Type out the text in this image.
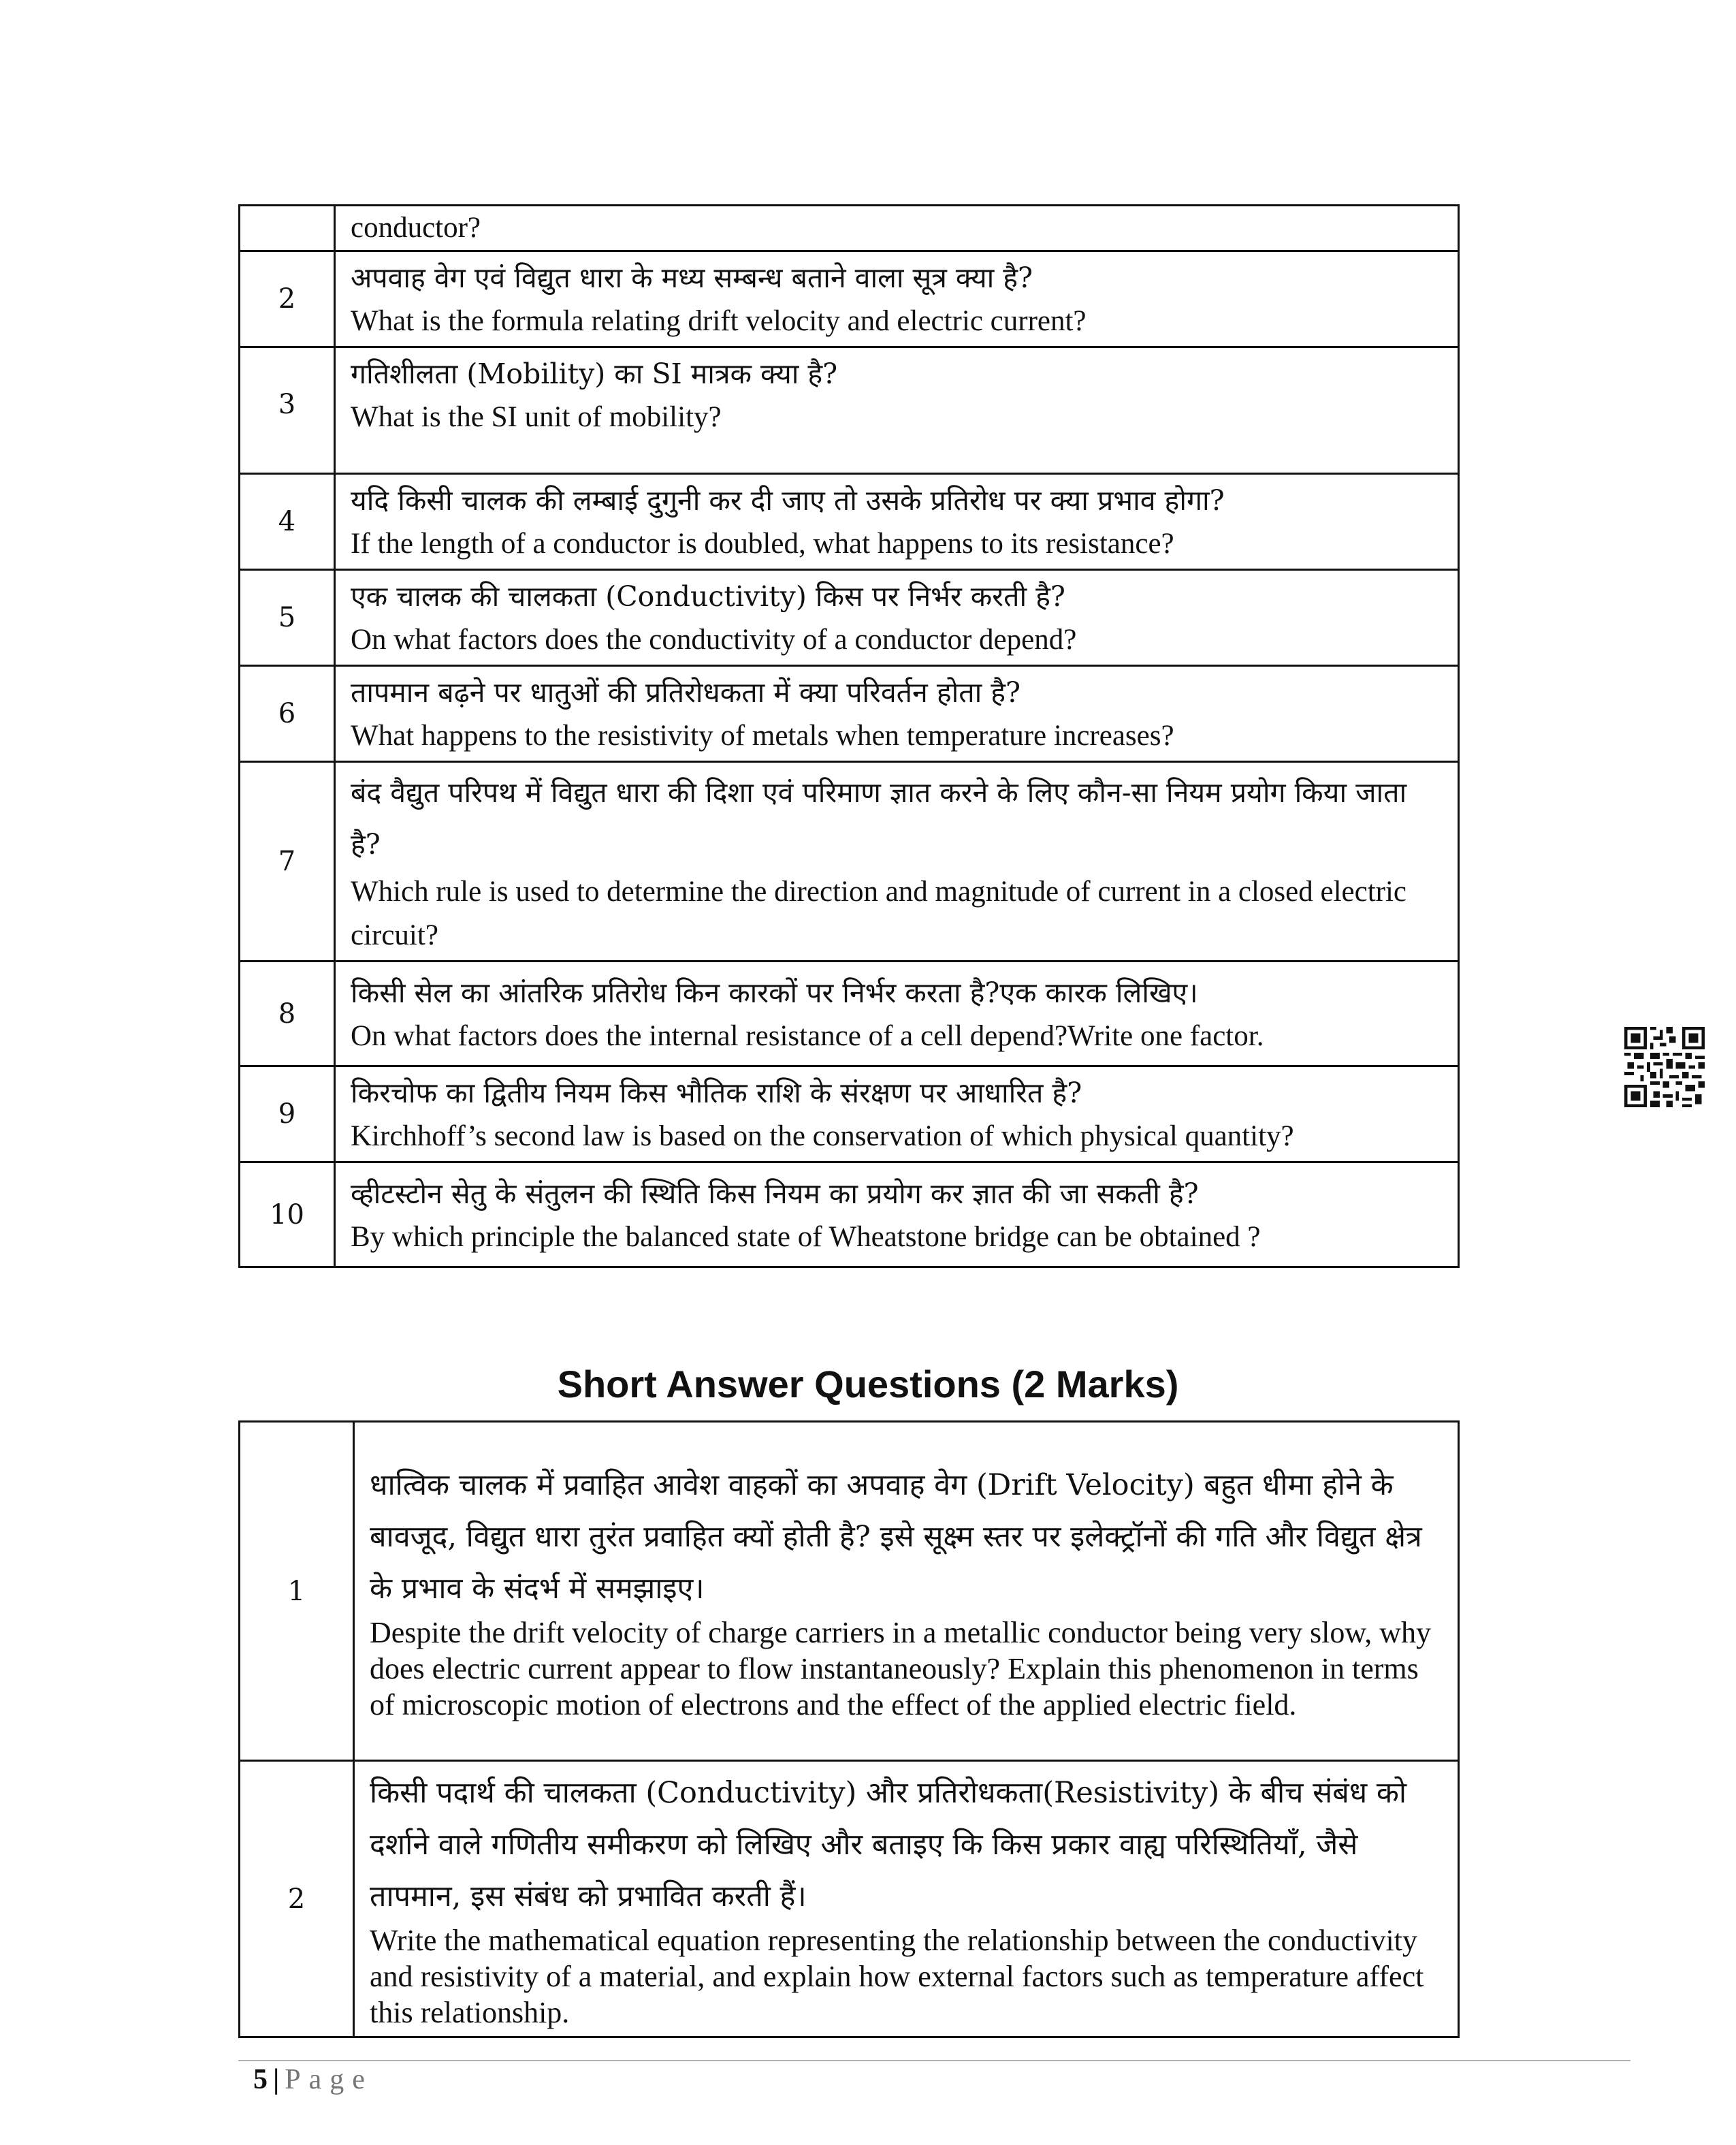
	conductor?

2	अपवाह वेग एवं विद्युत धारा के मध्य सम्बन्ध बताने वाला सूत्र क्या है?
What is the formula relating drift velocity and electric current?

3	गतिशीलता (Mobility) का SI मात्रक क्या है?
What is the SI unit of mobility?

4	यदि किसी चालक की लम्बाई दुगुनी कर दी जाए तो उसके प्रतिरोध पर क्या प्रभाव होगा?
If the length of a conductor is doubled, what happens to its resistance?

5	एक चालक की चालकता (Conductivity) किस पर निर्भर करती है?
On what factors does the conductivity of a conductor depend?

6	तापमान बढ़ने पर धातुओं की प्रतिरोधकता में क्या परिवर्तन होता है?
What happens to the resistivity of metals when temperature increases?

7	बंद वैद्युत परिपथ में विद्युत धारा की दिशा एवं परिमाण ज्ञात करने के लिए कौन-सा नियम प्रयोग किया जाता है?
Which rule is used to determine the direction and magnitude of current in a closed electric circuit?

8	किसी सेल का आंतरिक प्रतिरोध किन कारकों पर निर्भर करता है?एक कारक लिखिए।
On what factors does the internal resistance of a cell depend?Write one factor.

9	किरचोफ का द्वितीय नियम किस भौतिक राशि के संरक्षण पर आधारित है?
Kirchhoff’s second law is based on the conservation of which physical quantity?

10	व्हीटस्टोन सेतु के संतुलन की स्थिति किस नियम का प्रयोग कर ज्ञात की जा सकती है?
By which principle the balanced state of Wheatstone bridge can be obtained ?
Short Answer Questions (2 Marks)
1	धात्विक चालक में प्रवाहित आवेश वाहकों का अपवाह वेग (Drift Velocity) बहुत धीमा होने के बावजूद, विद्युत धारा तुरंत प्रवाहित क्यों होती है? इसे सूक्ष्म स्तर पर इलेक्ट्रॉनों की गति और विद्युत क्षेत्र के प्रभाव के संदर्भ में समझाइए।
Despite the drift velocity of charge carriers in a metallic conductor being very slow, why does electric current appear to flow instantaneously? Explain this phenomenon in terms of microscopic motion of electrons and the effect of the applied electric field.

2	किसी पदार्थ की चालकता (Conductivity) और प्रतिरोधकता(Resistivity) के बीच संबंध को दर्शाने वाले गणितीय समीकरण को लिखिए और बताइए कि किस प्रकार वाह्य परिस्थितियाँ, जैसे तापमान, इस संबंध को प्रभावित करती हैं।
Write the mathematical equation representing the relationship between the conductivity and resistivity of a material, and explain how external factors such as temperature affect this relationship.
5 | Page
